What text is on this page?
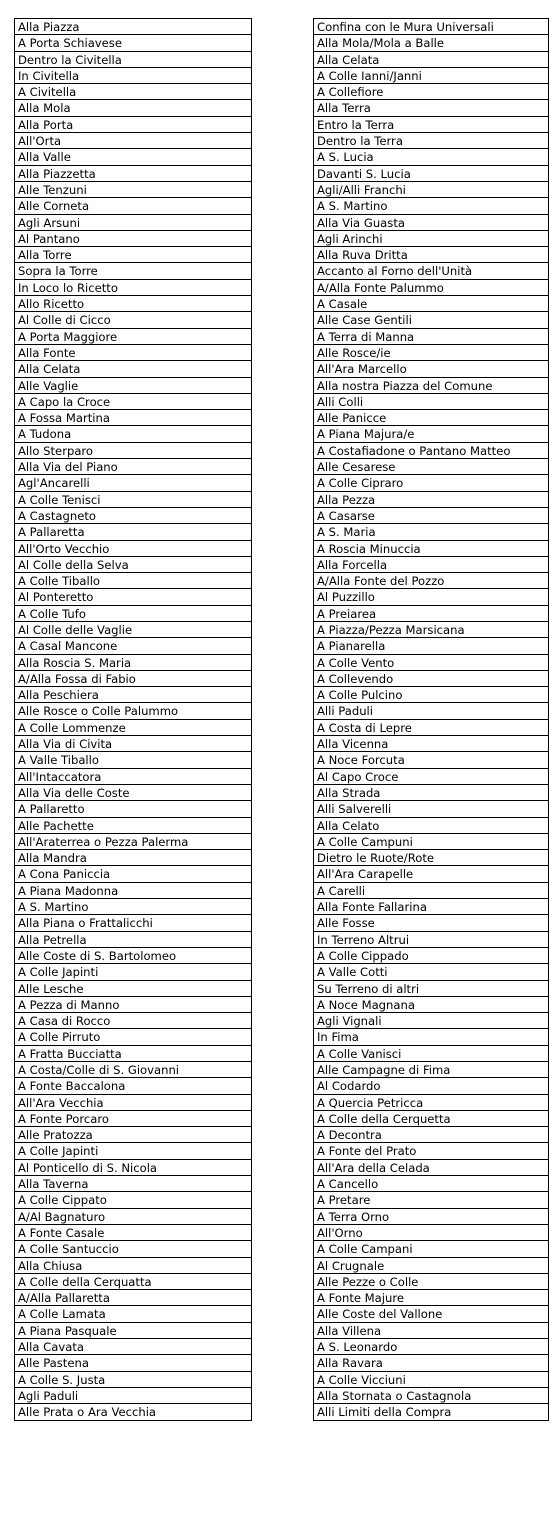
Alla Piazza
A Porta Schiavese
Dentro la Civitella
In Civitella
A Civitella
Alla Mola
Alla Porta
All'Orta
Alla Valle
Alla Piazzetta
Alle Tenzuni
Alle Corneta
Agli Arsuni
Al Pantano
Alla Torre
Sopra la Torre
In Loco lo Ricetto
Allo Ricetto
Al Colle di Cicco
A Porta Maggiore
Alla Fonte
Alla Celata
Alle Vaglie
A Capo la Croce
A Fossa Martina
A Tudona
Allo Sterparo
Alla Via del Piano
Agl'Ancarelli
A Colle Tenisci
A Castagneto
A Pallaretta
All'Orto Vecchio
Al Colle della Selva
A Colle Tiballo
Al Ponteretto
A Colle Tufo
Al Colle delle Vaglie
A Casal Mancone
Alla Roscia S. Maria
A/Alla Fossa di Fabio
Alla Peschiera
Alle Rosce o Colle Palummo
A Colle Lommenze
Alla Via di Civita
A Valle Tiballo
All'Intaccatora
Alla Via delle Coste
A Pallaretto
Alle Pachette
All'Araterrea o Pezza Palerma
Alla Mandra
A Cona Paniccia
A Piana Madonna
A S. Martino
Alla Piana o Frattalicchi
Alla Petrella
Alle Coste di S. Bartolomeo
A Colle Japinti
Alle Lesche
A Pezza di Manno
A Casa di Rocco
A Colle Pirruto
A Fratta Bucciatta
A Costa/Colle di S. Giovanni
A Fonte Baccalona
All'Ara Vecchia
A Fonte Porcaro
Alle Pratozza
A Colle Japinti
Al Ponticello di S. Nicola
Alla Taverna
A Colle Cippato
A/Al Bagnaturo
A Fonte Casale
A Colle Santuccio
Alla Chiusa
A Colle della Cerquatta
A/Alla Pallaretta
A Colle Lamata
A Piana Pasquale
Alla Cavata
Alle Pastena
A Colle S. Justa
Agli Paduli
Alle Prata o Ara Vecchia
Confina con le Mura Universali
Alla Mola/Mola a Balle
Alla Celata
A Colle Ianni/Janni
A Collefiore
Alla Terra
Entro la Terra
Dentro la Terra
A S. Lucia
Davanti S. Lucia
Agli/Alli Franchi
A S. Martino
Alla Via Guasta
Agli Arinchi
Alla Ruva Dritta
Accanto al Forno dell'Unità
A/Alla Fonte Palummo
A Casale
Alle Case Gentili
A Terra di Manna
Alle Rosce/ie
All'Ara Marcello
Alla nostra Piazza del Comune
Alli Colli
Alle Panicce
A Piana Majura/e
A Costafiadone o Pantano Matteo
Alle Cesarese
A Colle Cipraro
Alla Pezza
A Casarse
A S. Maria
A Roscia Minuccia
Alla Forcella
A/Alla Fonte del Pozzo
Al Puzzillo
A Preiarea
A Piazza/Pezza Marsicana
A Pianarella
A Colle Vento
A Collevendo
A Colle Pulcino
Alli Paduli
A Costa di Lepre
Alla Vicenna
A Noce Forcuta
Al Capo Croce
Alla Strada
Alli Salverelli
Alla Celato
A Colle Campuni
Dietro le Ruote/Rote
All'Ara Carapelle
A Carelli
Alla Fonte Fallarina
Alle Fosse
In Terreno Altrui
A Colle Cippado
A Valle Cotti
Su Terreno di altri
A Noce Magnana
Agli Vignali
In Fima
A Colle Vanisci
Alle Campagne di Fima
Al Codardo
A Quercia Petricca
A Colle della Cerquetta
A Decontra
A Fonte del Prato
All'Ara della Celada
A Cancello
A Pretare
A Terra Orno
All'Orno
A Colle Campani
Al Crugnale
Alle Pezze o Colle
A Fonte Majure
Alle Coste del Vallone
Alla Villena
A S. Leonardo
Alla Ravara
A Colle Vicciuni
Alla Stornata o Castagnola
Alli Limiti della Compra
